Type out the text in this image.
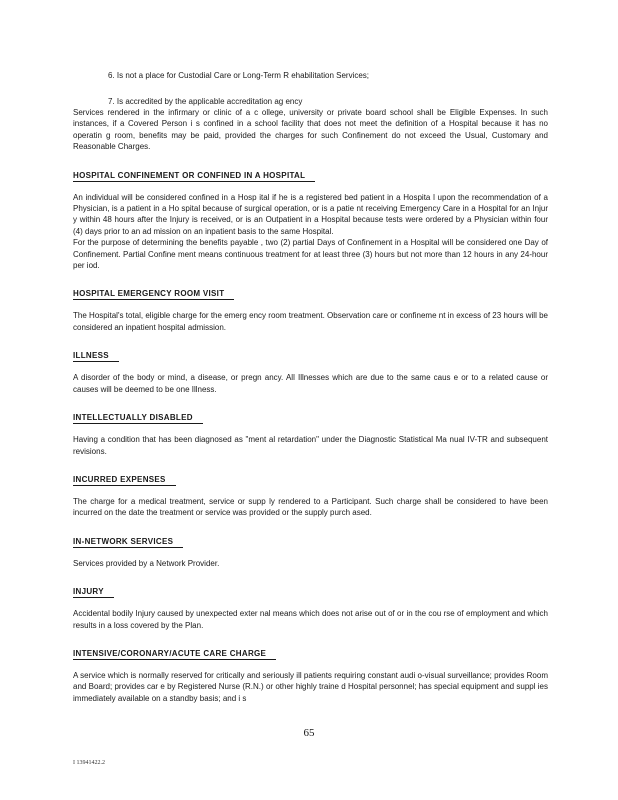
6. Is not a place for Custodial Care or Long-Term R ehabilitation Services;
7. Is accredited by the applicable accreditation ag ency

Services rendered in the infirmary or clinic of a c ollege, university or private board school shall be Eligible Expenses. In such instances, if a Covered Person i s confined in a school facility that does not meet the definition of a Hospital because it has no operatin g room, benefits may be paid, provided the charges for such Confinement do not exceed the Usual, Customary and Reasonable Charges.

HOSPITAL CONFINEMENT OR CONFINED IN A HOSPITAL

An individual will be considered confined in a Hosp ital if he is a registered bed patient in a Hospita l upon the recommendation of a Physician, is a patient in a Ho spital because of surgical operation, or is a patie nt receiving Emergency Care in a Hospital for an Injur y within 48 hours after the Injury is received, or is an Outpatient in a Hospital because tests were ordered by a Physician within four (4) days prior to an ad mission on an inpatient basis to the same Hospital.

For the purpose of determining the benefits payable , two (2) partial Days of Confinement in a Hospital will be considered one Day of Confinement. Partial Confine ment means continuous treatment for at least three (3) hours but not more than 12 hours in any 24-hour per iod.

HOSPITAL EMERGENCY ROOM VISIT

The Hospital's total, eligible charge for the emerg ency room treatment. Observation care or confineme nt in excess of 23 hours will be considered an inpatient hospital admission.

ILLNESS

A disorder of the body or mind, a disease, or pregn ancy. All Illnesses which are due to the same caus e or to a related cause or causes will be deemed to be one Illness.

INTELLECTUALLY DISABLED

Having a condition that has been diagnosed as "ment al retardation" under the Diagnostic Statistical Ma nual IV-TR and subsequent revisions.

INCURRED EXPENSES

The charge for a medical treatment, service or supp ly rendered to a Participant. Such charge shall be considered to have been incurred on the date the treatment or service was provided or the supply purch ased.

IN-NETWORK SERVICES

Services provided by a Network Provider.

INJURY

Accidental bodily Injury caused by unexpected exter nal means which does not arise out of or in the cou rse of employment and which results in a loss covered by the Plan.

INTENSIVE/CORONARY/ACUTE CARE CHARGE

A service which is normally reserved for critically and seriously ill patients requiring constant audi o-visual surveillance; provides Room and Board; provides car e by Registered Nurse (R.N.) or other highly traine d Hospital personnel; has special equipment and suppl ies immediately available on a standby basis; and i s

65
I 13941422.2
